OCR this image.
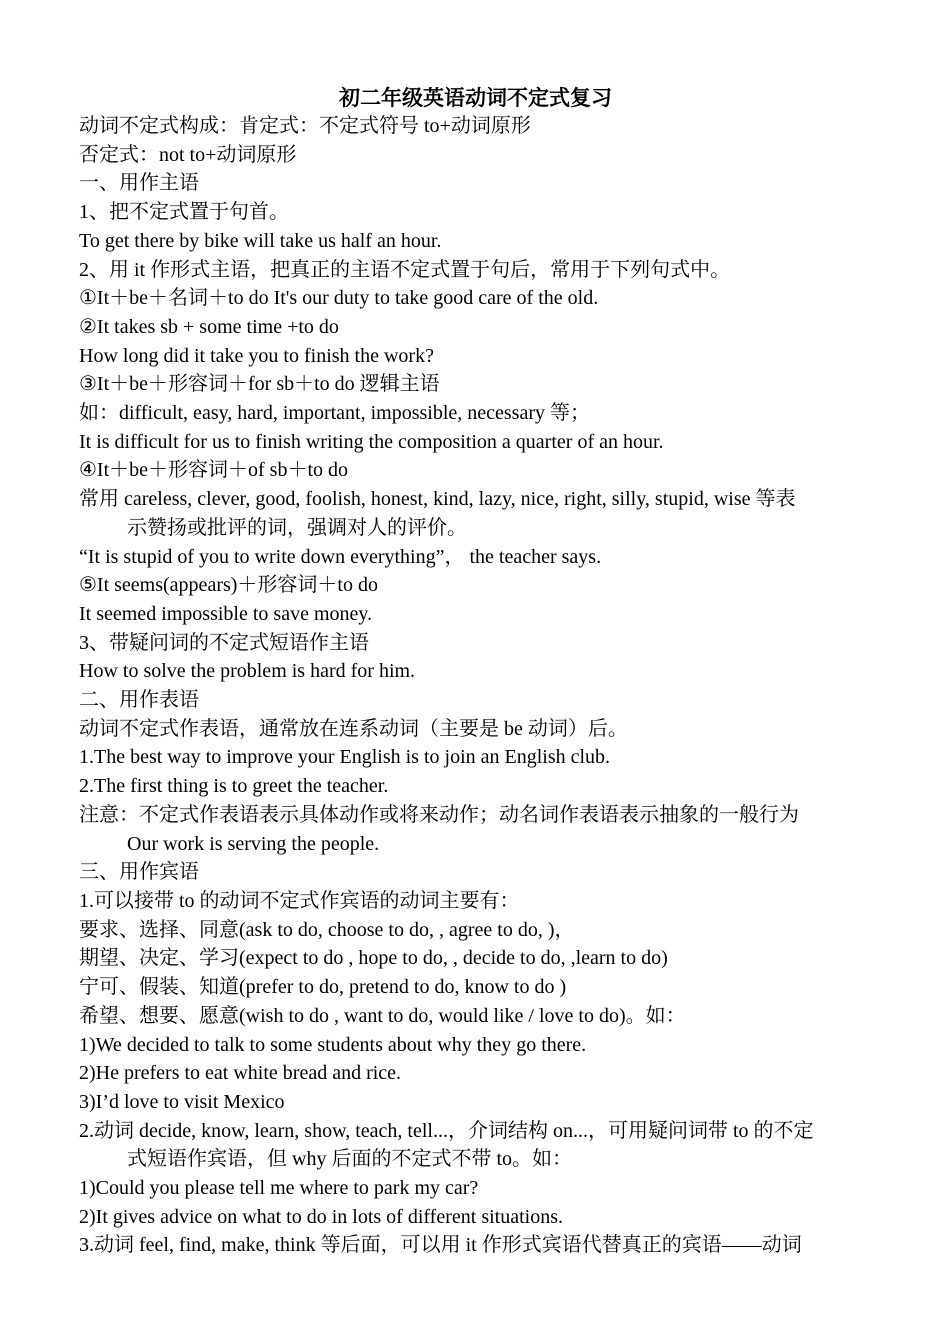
初二年级英语动词不定式复习

动词不定式构成：肯定式：不定式符号 to+动词原形

否定式：not to+动词原形

一、用作主语

1、把不定式置于句首。

To get there by bike will take us half an hour.

2、用 it 作形式主语，把真正的主语不定式置于句后，常用于下列句式中。

①It＋be＋名词＋to do It's our duty to take good care of the old.

②It takes sb + some time +to do

How long did it take you to finish the work?

③It＋be＋形容词＋for sb＋to do 逻辑主语

如：difficult, easy, hard, important, impossible, necessary 等；

It is difficult for us to finish writing the composition a quarter of an hour.

④It＋be＋形容词＋of sb＋to do

常用 careless, clever, good, foolish, honest, kind, lazy, nice, right, silly, stupid, wise 等表

示赞扬或批评的词，强调对人的评价。

“It is stupid of you to write down everything”， the teacher says.

⑤It seems(appears)＋形容词＋to do

It seemed impossible to save money.

3、带疑问词的不定式短语作主语

How to solve the problem is hard for him.

二、用作表语

动词不定式作表语，通常放在连系动词（主要是 be 动词）后。

1.The best way to improve your English is to join an English club.

2.The first thing is to greet the teacher.

注意：不定式作表语表示具体动作或将来动作；动名词作表语表示抽象的一般行为

Our work is serving the people.

三、用作宾语

1.可以接带 to 的动词不定式作宾语的动词主要有：

要求、选择、同意(ask to do, choose to do, , agree to do, )，

期望、决定、学习(expect to do , hope to do, , decide to do, ,learn to do)

宁可、假装、知道(prefer to do, pretend to do, know to do )

希望、想要、愿意(wish to do , want to do, would like / love to do)。如：

1)We decided to talk to some students about why they go there.

2)He prefers to eat white bread and rice.

3)I’d love to visit Mexico

2.动词 decide, know, learn, show, teach, tell...，介词结构 on...，可用疑问词带 to 的不定

式短语作宾语，但 why 后面的不定式不带 to。如：

1)Could you please tell me where to park my car?

2)It gives advice on what to do in lots of different situations.

3.动词 feel, find, make, think 等后面，可以用 it 作形式宾语代替真正的宾语——动词
